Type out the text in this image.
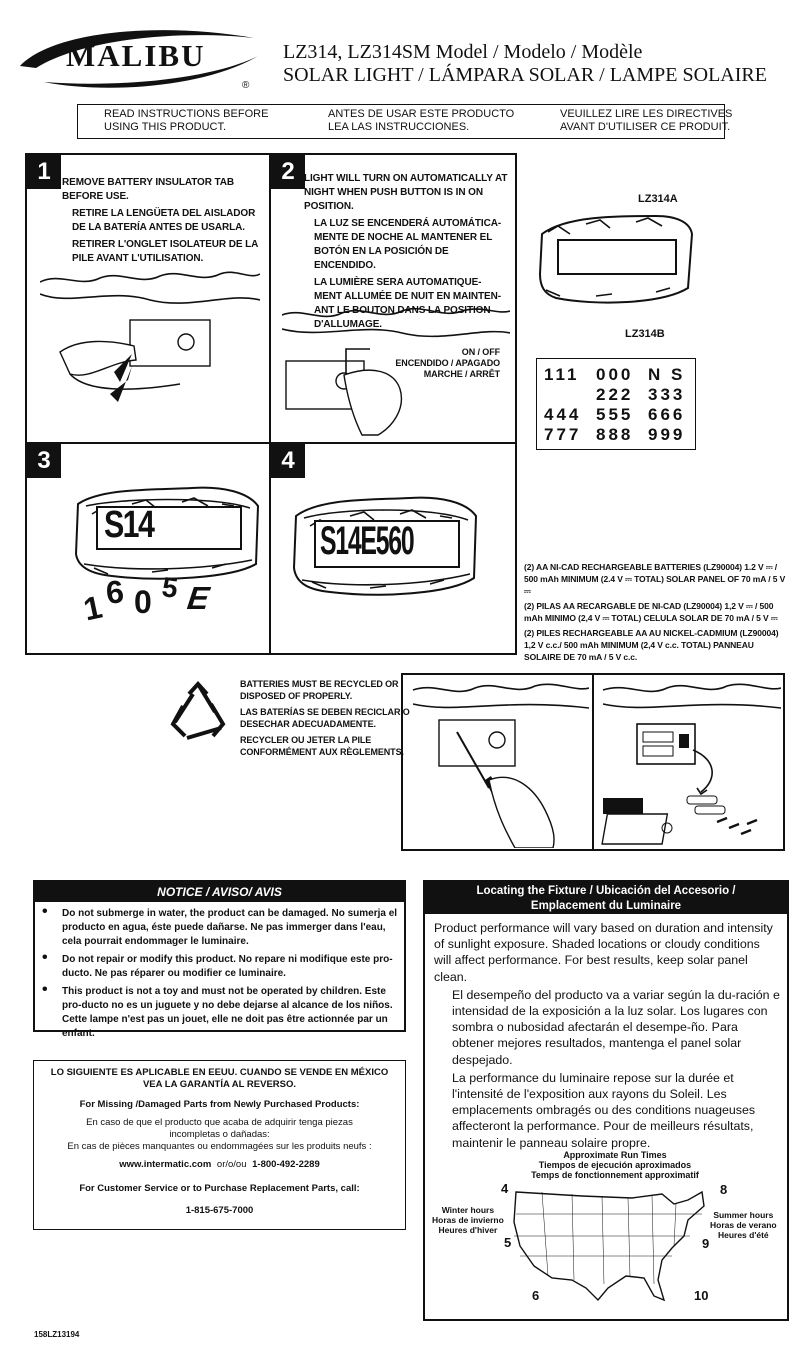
MALIBU
®
LZ314, LZ314SM Model / Modelo / Modèle
SOLAR LIGHT / LÁMPARA SOLAR / LAMPE SOLAIRE
READ INSTRUCTIONS BEFORE
USING THIS PRODUCT.
ANTES DE USAR ESTE PRODUCTO
LEA LAS INSTRUCCIONES.
VEUILLEZ LIRE LES DIRECTIVES
AVANT D'UTILISER CE PRODUIT.
1	REMOVE BATTERY INSULATOR TAB BEFORE USE.
RETIRE LA LENGÜETA DEL AISLADOR DE LA BATERÍA ANTES DE USARLA.
RETIRER L'ONGLET ISOLATEUR DE LA PILE AVANT L'UTILISATION.
2 LIGHT WILL TURN ON AUTOMATICALLY AT NIGHT WHEN PUSH BUTTON IS IN ON POSITION.
LA LUZ SE ENCENDERÁ AUTOMÁTICA-MENTE DE NOCHE AL MANTENER EL BOTÓN EN LA POSICIÓN DE ENCENDIDO.
LA LUMIÈRE SERA AUTOMATIQUE-MENT ALLUMÉE DE NUIT EN MAINTEN-ANT LE BOUTON DANS LA POSITION D'ALLUMAGE.
ON / OFF
ENCENDIDO / APAGADO
MARCHE / ARRÊT
3
S14
1
6 0 5 E
4
S14E560
LZ314A
LZ314B
111 000 N S
222 333
444 555 666
777 888 999
(2) AA NI-CAD RECHARGEABLE BATTERIES (LZ90004) 1.2 V ⎓ / 500 mAh MINIMUM (2.4 V ⎓ TOTAL) SOLAR PANEL OF 70 mA / 5 V ⎓
(2) PILAS AA RECARGABLE DE NI-CAD (LZ90004) 1,2 V ⎓ / 500 mAh MINIMO (2,4 V ⎓ TOTAL) CELULA SOLAR DE 70 mA / 5 V ⎓
(2) PILES RECHARGEABLE AA AU NICKEL-CADMIUM (LZ90004) 1,2 V c.c./ 500 mAh MINIMUM (2,4 V c.c. TOTAL) PANNEAU SOLAIRE DE 70 mA / 5 V c.c.
BATTERIES MUST BE RECYCLED OR
DISPOSED OF PROPERLY.
LAS BATERÍAS SE DEBEN RECICLAR O
DESECHAR ADECUADAMENTE.
RECYCLER OU JETER LA PILE
CONFORMÉMENT AUX RÈGLEMENTS.
NOTICE / AVISO/ AVIS
• Do not submerge in water, the product can be damaged. No sumerja el producto en agua, éste puede dañarse. Ne pas immerger dans l'eau, cela pourrait endommager le luminaire.
• Do not repair or modify this product. No repare ni modifique este pro-ducto. Ne pas réparer ou modifier ce luminaire.
• This product is not a toy and must not be operated by children. Este pro-ducto no es un juguete y no debe dejarse al alcance de los niños. Cette lampe n'est pas un jouet, elle ne doit pas être actionnée par un enfant.
LO SIGUIENTE ES APLICABLE EN EEUU. CUANDO SE VENDE EN MÉXICO
VEA LA GARANTÍA AL REVERSO.
For Missing /Damaged Parts from Newly Purchased Products:
En caso de que el producto que acaba de adquirir tenga piezas
incompletas o dañadas:
En cas de pièces manquantes ou endommagées sur les produits neufs :
www.intermatic.com or/o/ou 1-800-492-2289
For Customer Service or to Purchase Replacement Parts, call:
1-815-675-7000
Locating the Fixture / Ubicación del Accesorio /
Emplacement du Luminaire
Product performance will vary based on duration and intensity of sunlight exposure. Shaded locations or cloudy conditions will affect performance. For best results, keep solar panel clean.
El desempeño del producto va a variar según la du-ración e intensidad de la exposición a la luz solar. Los lugares con sombra o nubosidad afectarán el desempe-ño. Para obtener mejores resultados, mantenga el panel solar despejado.
La performance du luminaire repose sur la durée et l'intensité de l'exposition aux rayons du Soleil. Les emplacements ombragés ou des conditions nuageuses affecteront la performance. Pour de meilleurs résultats, maintenir le panneau solaire propre.
Approximate Run Times
Tiempos de ejecución aproximados
Temps de fonctionnement approximatif
Winter hours
Horas de invierno
Heures d'hiver
Summer hours
Horas de verano
Heures d'été
4
5
6
8
9
10
158LZ13194
